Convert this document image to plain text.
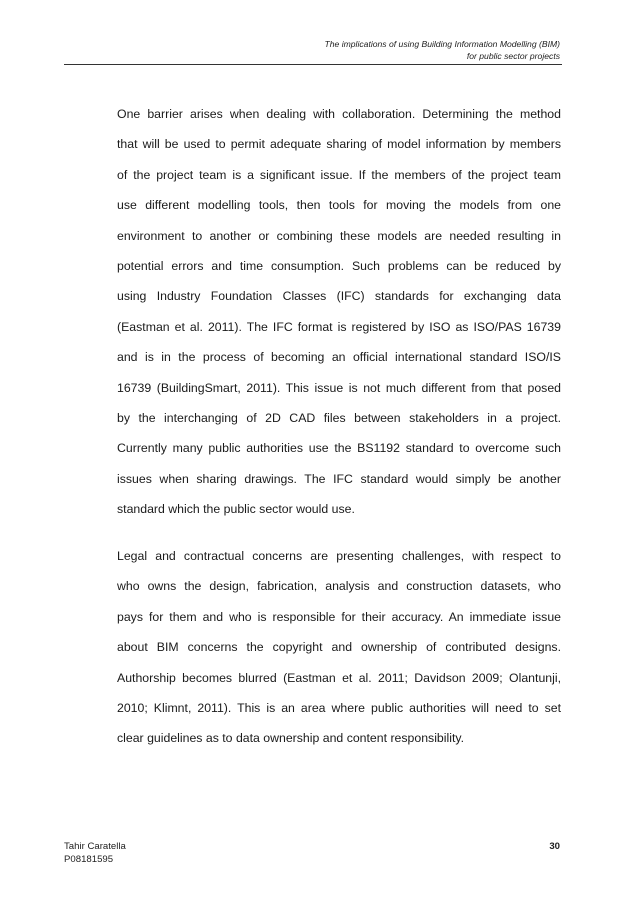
The implications of using Building Information Modelling (BIM)
for public sector projects
One barrier arises when dealing with collaboration. Determining the method
that will be used to permit adequate sharing of model information by members
of the project team is a significant issue. If the members of the project team
use different modelling tools, then tools for moving the models from one
environment to another or combining these models are needed resulting in
potential errors and time consumption. Such problems can be reduced by
using Industry Foundation Classes (IFC) standards for exchanging data
(Eastman et al. 2011). The IFC format is registered by ISO as ISO/PAS 16739
and is in the process of becoming an official international standard ISO/IS
16739 (BuildingSmart, 2011). This issue is not much different from that posed
by the interchanging of 2D CAD files between stakeholders in a project.
Currently many public authorities use the BS1192 standard to overcome such
issues when sharing drawings. The IFC standard would simply be another
standard which the public sector would use.
Legal and contractual concerns are presenting challenges, with respect to
who owns the design, fabrication, analysis and construction datasets, who
pays for them and who is responsible for their accuracy. An immediate issue
about BIM concerns the copyright and ownership of contributed designs.
Authorship becomes blurred (Eastman et al. 2011; Davidson 2009; Olantunji,
2010; Klimnt, 2011). This is an area where public authorities will need to set
clear guidelines as to data ownership and content responsibility.
Tahir Caratella
P08181595
30
